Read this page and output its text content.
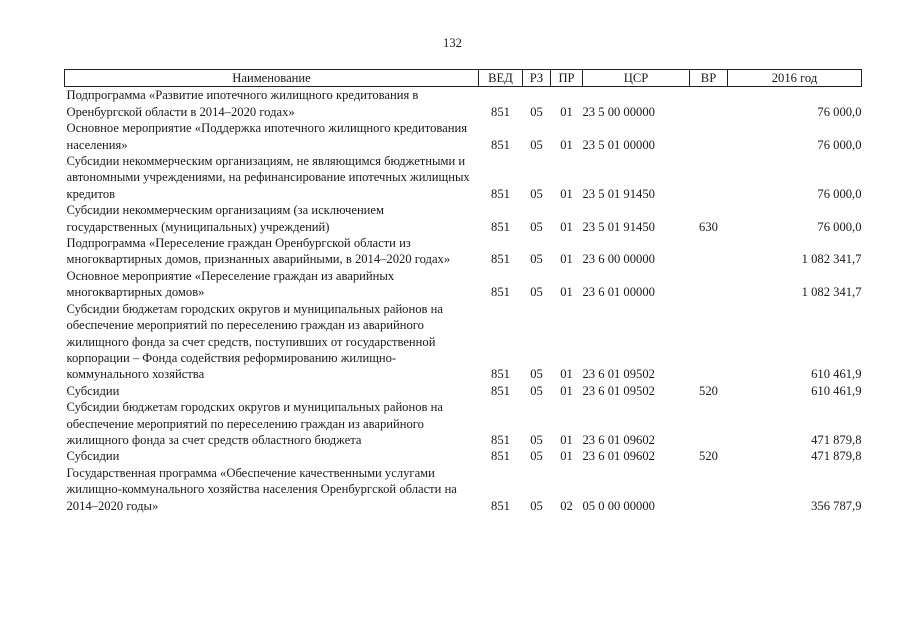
132
Наименование	ВЕД	РЗ	ПР	ЦСР	ВР	2016 год
Подпрограмма «Развитие ипотечного жилищного кредитования в Оренбургской области в 2014–2020 годах»	851	05	01	23 5 00 00000		76 000,0
Основное мероприятие «Поддержка ипотечного жилищного кредитования населения»	851	05	01	23 5 01 00000		76 000,0
Субсидии некоммерческим организациям, не являющимся бюджетными и автономными учреждениями, на рефинансирование ипотечных жилищных кредитов	851	05	01	23 5 01 91450		76 000,0
Субсидии некоммерческим организациям (за исключением государственных (муниципальных) учреждений)	851	05	01	23 5 01 91450	630	76 000,0
Подпрограмма «Переселение граждан Оренбургской области из многоквартирных домов, признанных аварийными, в 2014–2020 годах»	851	05	01	23 6 00 00000		1 082 341,7
Основное мероприятие «Переселение граждан из аварийных многоквартирных домов»	851	05	01	23 6 01 00000		1 082 341,7
Субсидии бюджетам городских округов и муниципальных районов на обеспечение мероприятий по переселению граждан из аварийного жилищного фонда за счет средств, поступивших от государственной корпорации – Фонда содействия реформированию жилищно-коммунального хозяйства	851	05	01	23 6 01 09502		610 461,9
Субсидии	851	05	01	23 6 01 09502	520	610 461,9
Субсидии бюджетам городских округов и муниципальных районов на обеспечение мероприятий по переселению граждан из аварийного жилищного фонда за счет средств областного бюджета	851	05	01	23 6 01 09602		471 879,8
Субсидии	851	05	01	23 6 01 09602	520	471 879,8
Государственная программа «Обеспечение качественными услугами жилищно-коммунального хозяйства населения Оренбургской области на 2014–2020 годы»	851	05	02	05 0 00 00000		356 787,9
